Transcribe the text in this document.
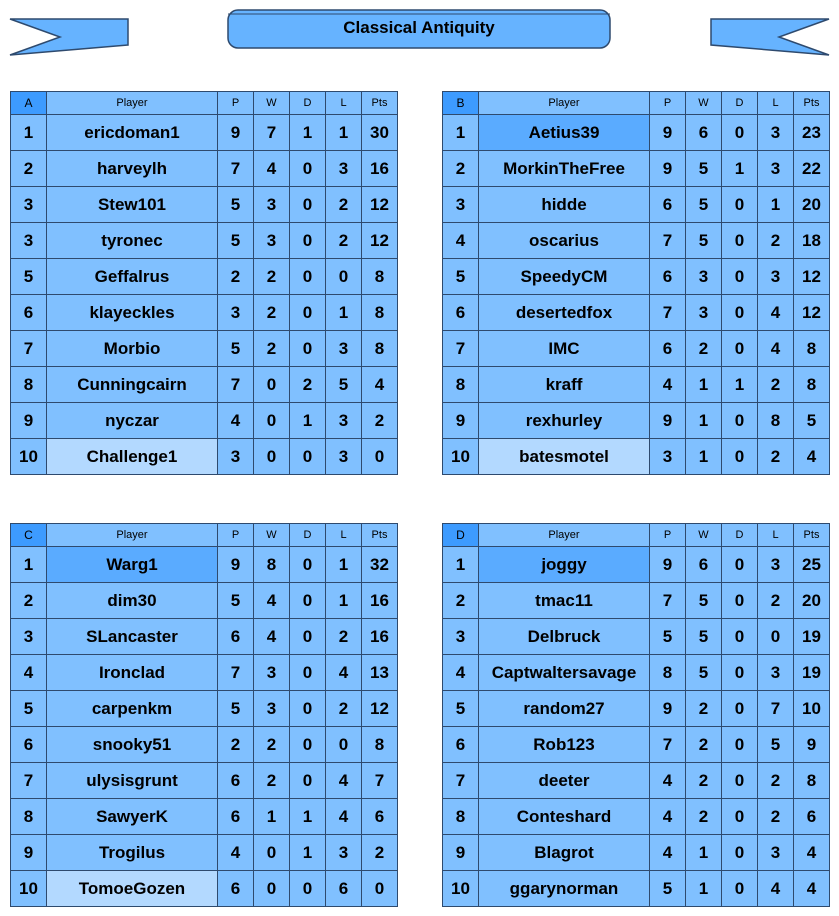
Classical Antiquity
A	Player	P	W	D	L	Pts
1	ericdoman1	9	7	1	1	30
2	harveylh	7	4	0	3	16
3	Stew101	5	3	0	2	12
3	tyronec	5	3	0	2	12
5	Geffalrus	2	2	0	0	8
6	klayeckles	3	2	0	1	8
7	Morbio	5	2	0	3	8
8	Cunningcairn	7	0	2	5	4
9	nyczar	4	0	1	3	2
10	Challenge1	3	0	0	3	0
B	Player	P	W	D	L	Pts
1	Aetius39	9	6	0	3	23
2	MorkinTheFree	9	5	1	3	22
3	hidde	6	5	0	1	20
4	oscarius	7	5	0	2	18
5	SpeedyCM	6	3	0	3	12
6	desertedfox	7	3	0	4	12
7	IMC	6	2	0	4	8
8	kraff	4	1	1	2	8
9	rexhurley	9	1	0	8	5
10	batesmotel	3	1	0	2	4
C	Player	P	W	D	L	Pts
1	Warg1	9	8	0	1	32
2	dim30	5	4	0	1	16
3	SLancaster	6	4	0	2	16
4	Ironclad	7	3	0	4	13
5	carpenkm	5	3	0	2	12
6	snooky51	2	2	0	0	8
7	ulysisgrunt	6	2	0	4	7
8	SawyerK	6	1	1	4	6
9	Trogilus	4	0	1	3	2
10	TomoeGozen	6	0	0	6	0
D	Player	P	W	D	L	Pts
1	joggy	9	6	0	3	25
2	tmac11	7	5	0	2	20
3	Delbruck	5	5	0	0	19
4	Captwaltersavage	8	5	0	3	19
5	random27	9	2	0	7	10
6	Rob123	7	2	0	5	9
7	deeter	4	2	0	2	8
8	Conteshard	4	2	0	2	6
9	Blagrot	4	1	0	3	4
10	ggarynorman	5	1	0	4	4
